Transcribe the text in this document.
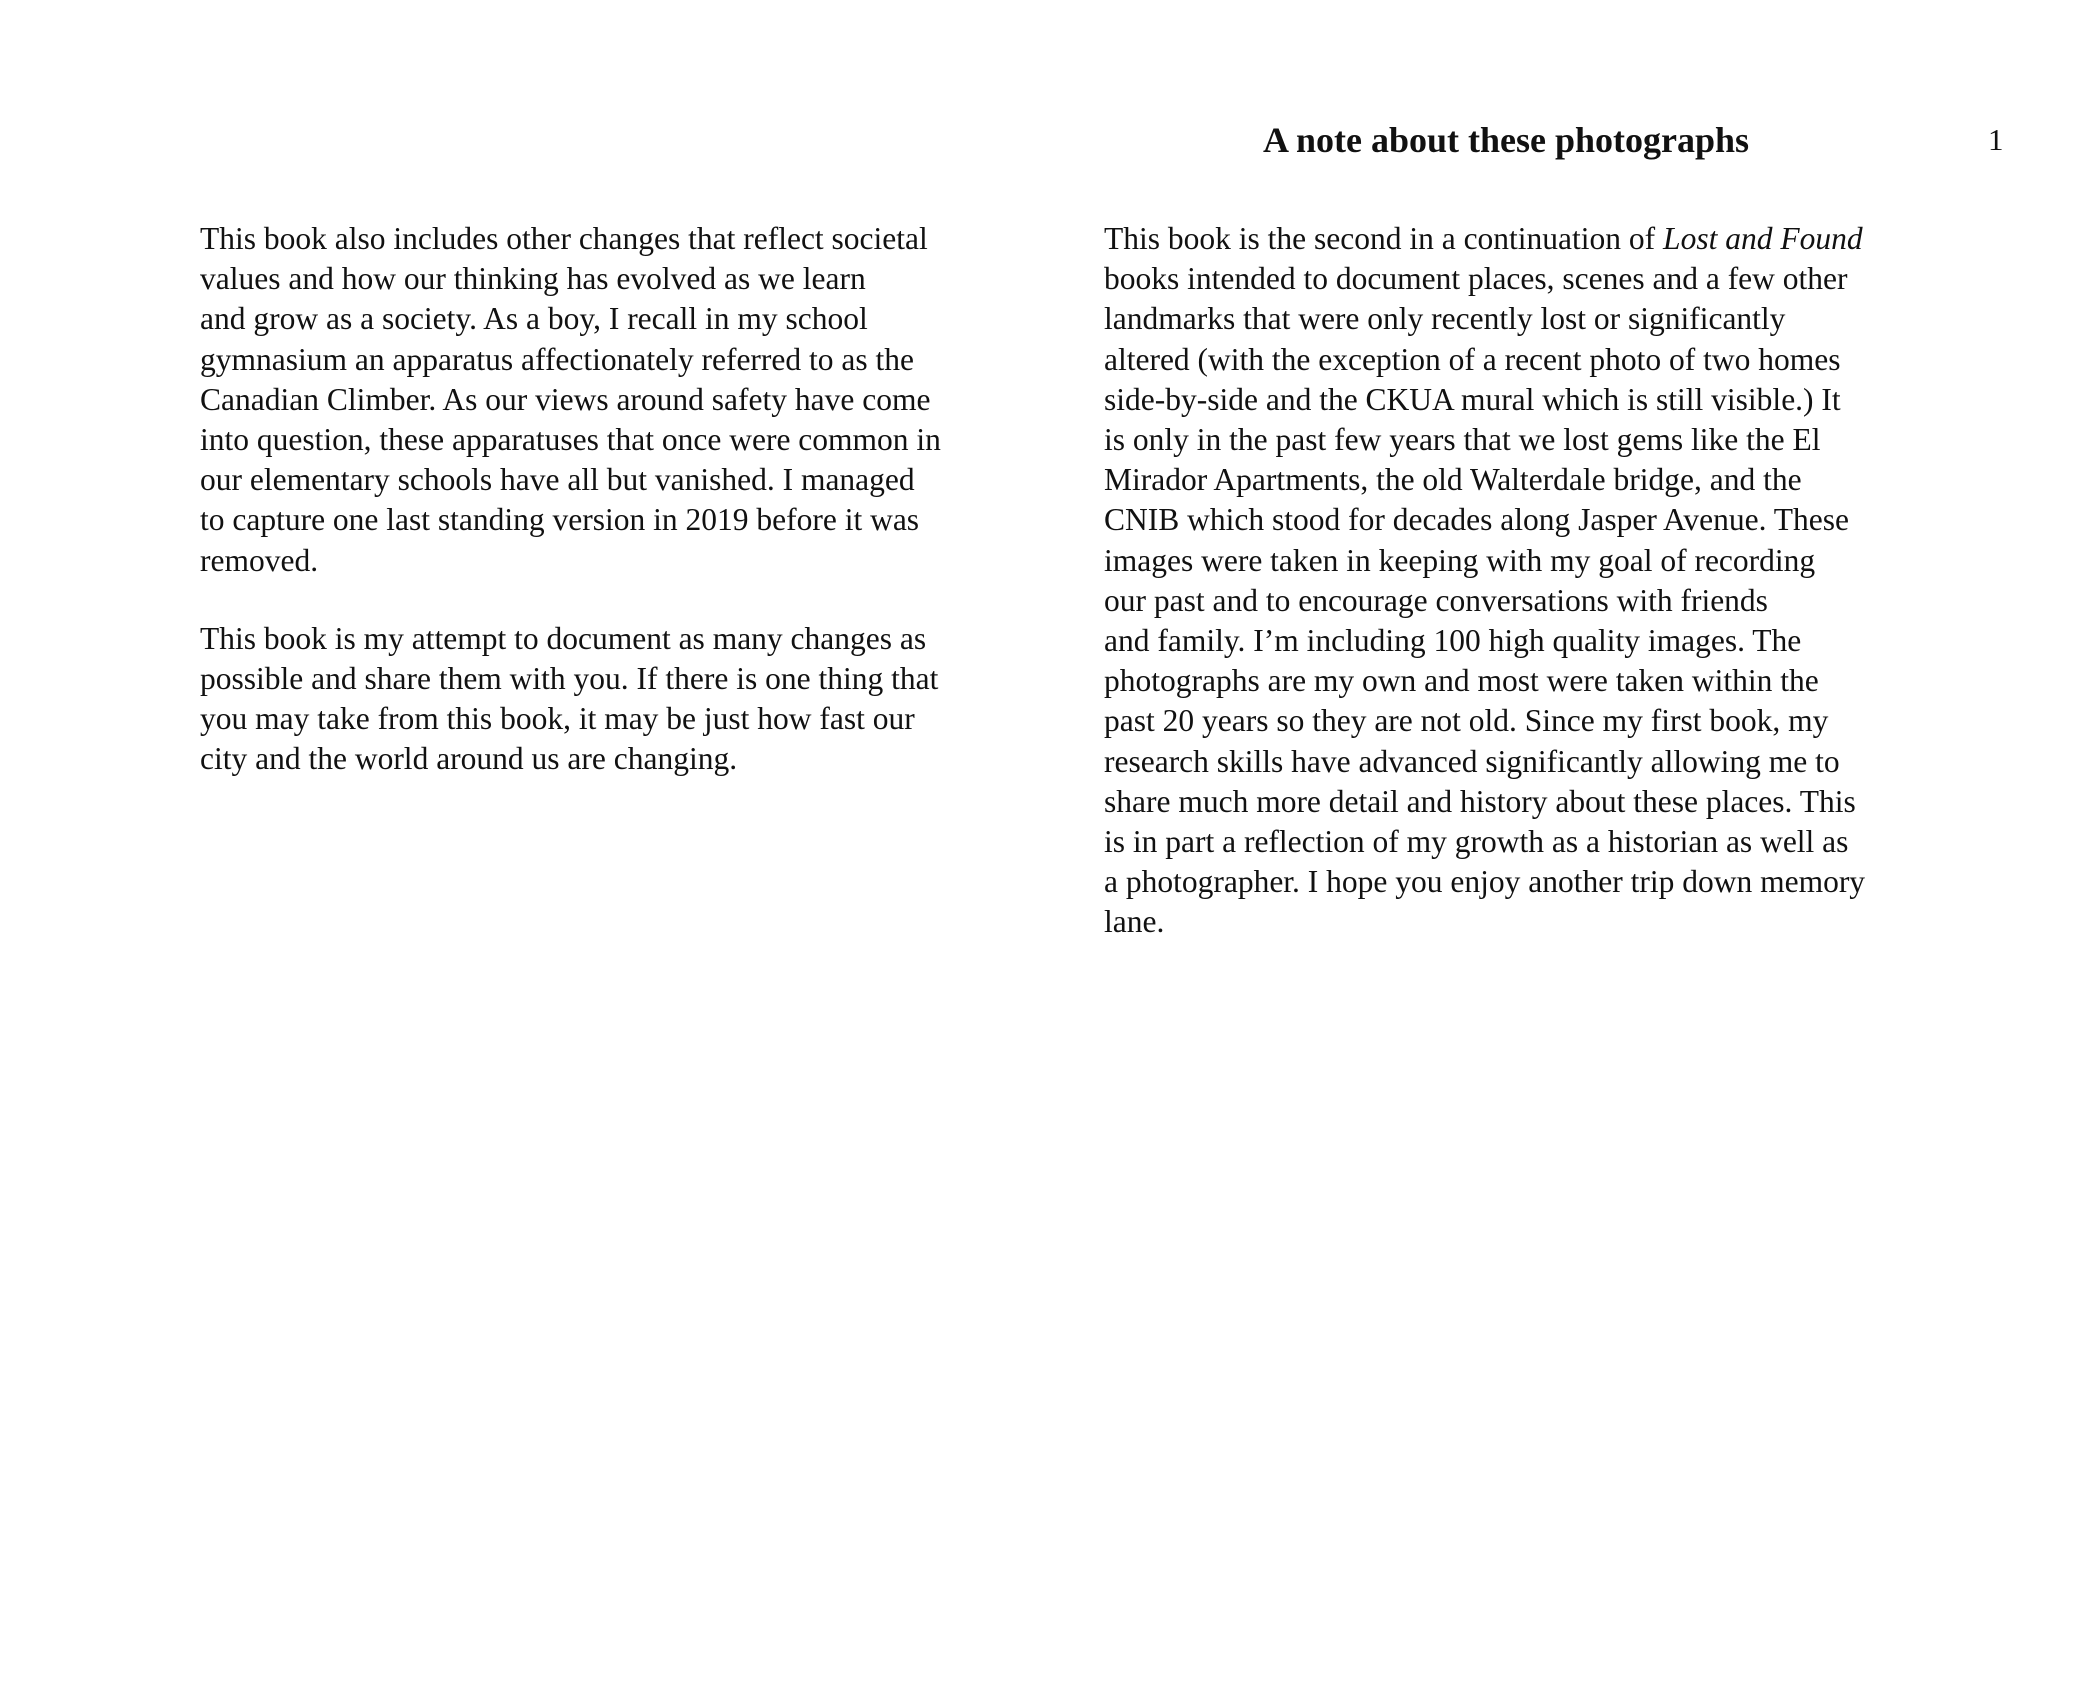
A note about these photographs	1

This book also includes other changes that reflect societal
values and how our thinking has evolved as we learn
and grow as a society. As a boy, I recall in my school
gymnasium an apparatus affectionately referred to as the
Canadian Climber. As our views around safety have come
into question, these apparatuses that once were common in
our elementary schools have all but vanished. I managed
to capture one last standing version in 2019 before it was
removed.

This book is my attempt to document as many changes as
possible and share them with you. If there is one thing that
you may take from this book, it may be just how fast our
city and the world around us are changing.

This book is the second in a continuation of Lost and Found
books intended to document places, scenes and a few other
landmarks that were only recently lost or significantly
altered (with the exception of a recent photo of two homes
side-by-side and the CKUA mural which is still visible.) It
is only in the past few years that we lost gems like the El
Mirador Apartments, the old Walterdale bridge, and the
CNIB which stood for decades along Jasper Avenue. These
images were taken in keeping with my goal of recording
our past and to encourage conversations with friends
and family. I’m including 100 high quality images. The
photographs are my own and most were taken within the
past 20 years so they are not old. Since my first book, my
research skills have advanced significantly allowing me to
share much more detail and history about these places. This
is in part a reflection of my growth as a historian as well as
a photographer. I hope you enjoy another trip down memory
lane.
